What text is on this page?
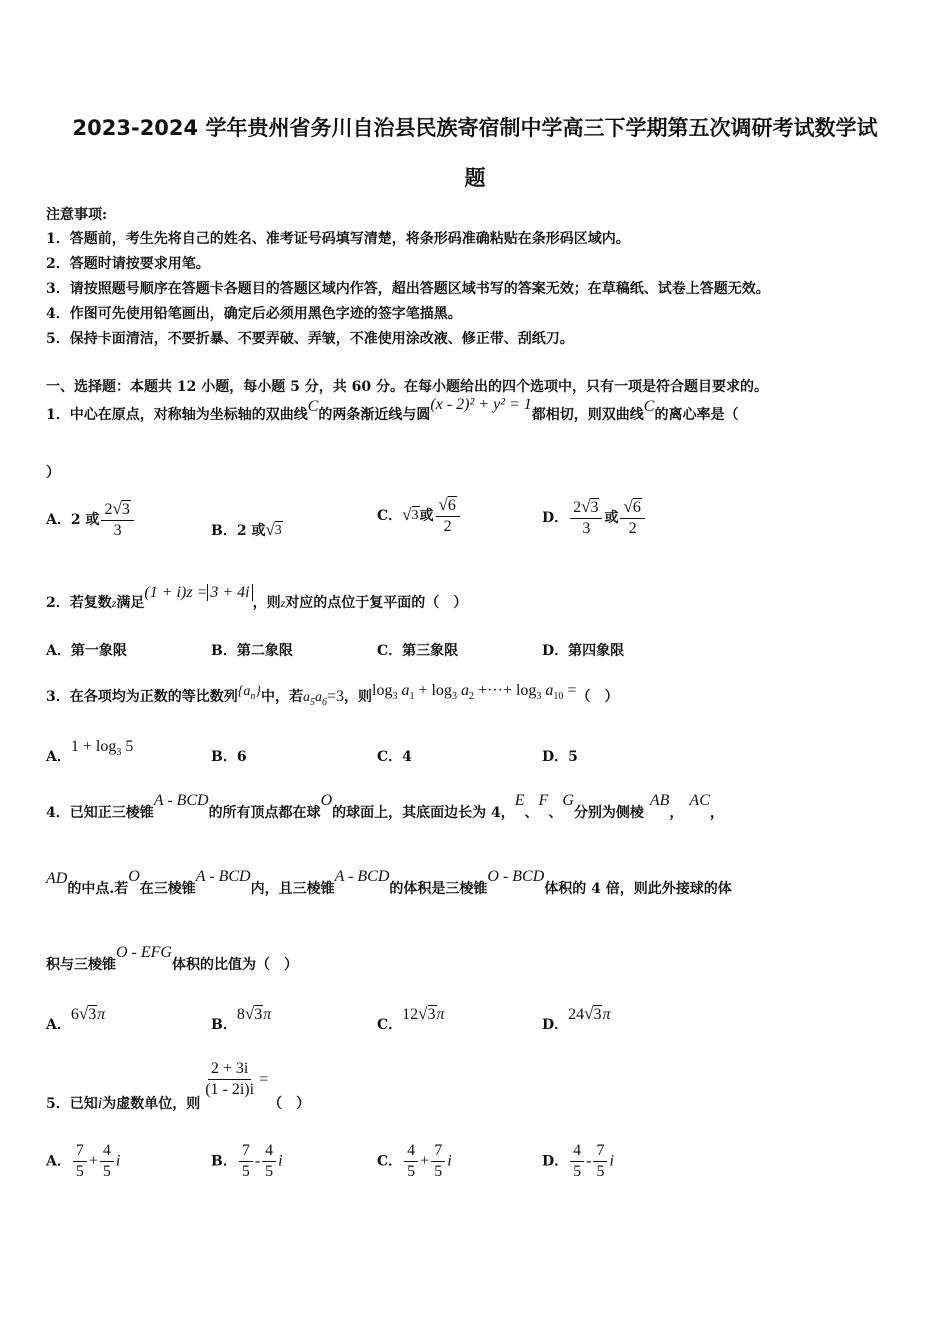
2023-2024 学年贵州省务川自治县民族寄宿制中学高三下学期第五次调研考试数学试
题
注意事项:
1．答题前，考生先将自己的姓名、准考证号码填写清楚，将条形码准确粘贴在条形码区域内。
2．答题时请按要求用笔。
3．请按照题号顺序在答题卡各题目的答题区域内作答，超出答题区域书写的答案无效；在草稿纸、试卷上答题无效。
4．作图可先使用铅笔画出，确定后必须用黑色字迹的签字笔描黑。
5．保持卡面清洁，不要折暴、不要弄破、弄皱，不准使用涂改液、修正带、刮纸刀。
一、选择题：本题共 12 小题，每小题 5 分，共 60 分。在每小题给出的四个选项中，只有一项是符合题目要求的。
1．中心在原点，对称轴为坐标轴的双曲线C的两条渐近线与圆(x - 2)² + y² = 1都相切，则双曲线C的离心率是（
）
A．2 或 $\frac{2 √ 3}{3}$	B．2 或 √ 3
C． √ 3 或 $\frac{√ 6}{2}$	D． $\frac{2 √ 3}{3}$ 或 $\frac{√ 6}{2}$
2．若复数z满足(1 + i)z = 3 + 4i，则z对应的点位于复平面的（　）
A．第一象限	B．第二象限	C．第三象限	D．第四象限
3．在各项均为正数的等比数列$\{a_n\}$中，若$a_5a_6=3$，则$\log_3 a_1 + \log_3 a_2$ +···+ $\log_3 a_{10}$ =（　）
A．$1 + \log_3 5$
B．6	C．4	D．5
4．已知正三棱锥A - BCD的所有顶点都在球O的球面上，其底面边长为 4，E、F、G分别为侧棱AB，AC，
AD的中点.若O在三棱锥A - BCD内，且三棱锥A - BCD的体积是三棱锥O - BCD体积的 4 倍，则此外接球的体
积与三棱锥O - EFG体积的比值为（　）
A．6 √ 3 π
B．8 √ 3 π
C．12 √ 3 π
D．24 √ 3 π
5．已知i为虚数单位，则
$\frac{2 + 3i}{(1 - 2i)i}$ =（　）
A． $\frac{7}{5} + \frac{4}{5}$ i	B． $\frac{7}{5} - \frac{4}{5}$ i	C． $\frac{4}{5} + \frac{7}{5}$ i	D． $\frac{4}{5} - \frac{7}{5}$ i
